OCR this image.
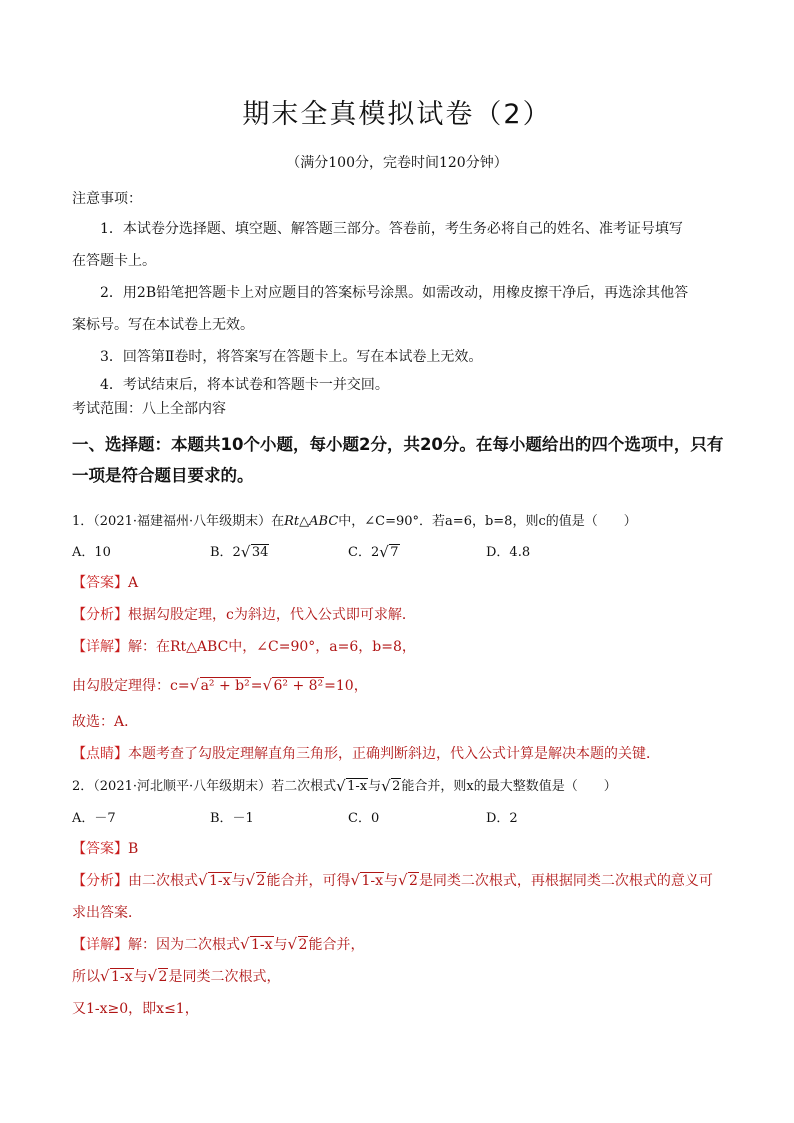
期末全真模拟试卷（2）
（满分100分，完卷时间120分钟）
注意事项：
1．本试卷分选择题、填空题、解答题三部分。答卷前，考生务必将自己的姓名、准考证号填写
在答题卡上。
2．用2B铅笔把答题卡上对应题目的答案标号涂黑。如需改动，用橡皮擦干净后，再选涂其他答
案标号。写在本试卷上无效。
3．回答第Ⅱ卷时，将答案写在答题卡上。写在本试卷上无效。
4．考试结束后，将本试卷和答题卡一并交回。
考试范围：八上全部内容
一、选择题：本题共10个小题，每小题2分，共20分。在每小题给出的四个选项中，只有
一项是符合题目要求的。
1．（2021·福建福州·八年级期末）在Rt△ABC中，∠C=90°．若a=6，b=8，则c的值是（　　）
A．10	B．2 √ 34	C．2 √ 7	D．4.8
【答案】A
【分析】根据勾股定理，c为斜边，代入公式即可求解．
【详解】解：在Rt△ABC中，∠C=90°，a=6，b=8，
由勾股定理得：c= √ a² + b²= √ 6² + 8²=10，
故选：A．
【点睛】本题考查了勾股定理解直角三角形，正确判断斜边，代入公式计算是解决本题的关键．
2．（2021·河北顺平·八年级期末）若二次根式 √ 1-x与 √ 2能合并，则x的最大整数值是（　　）
A．－7	B．－1	C．0	D．2
【答案】B
【分析】由二次根式 √ 1-x与 √ 2能合并，可得 √ 1-x与 √ 2是同类二次根式，再根据同类二次根式的意义可
求出答案．
【详解】解：因为二次根式 √ 1-x与 √ 2能合并，
所以 √ 1-x与 √ 2是同类二次根式，
又1-x≥0，即x≤1，
